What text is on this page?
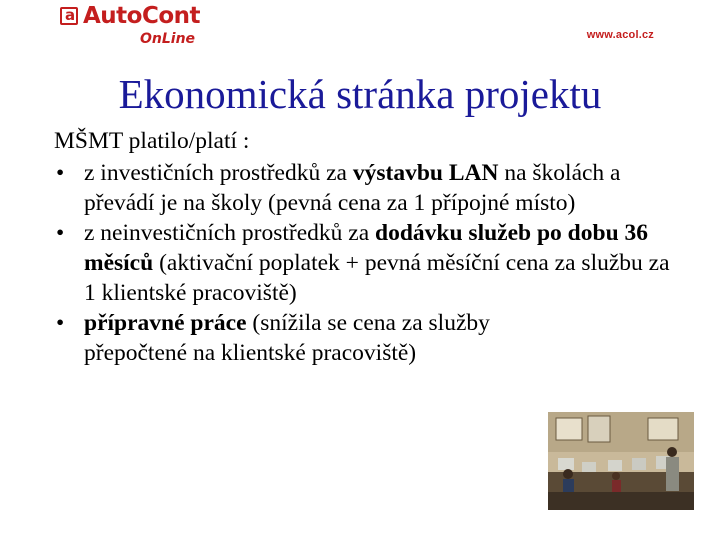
a
AutoCont
OnLine	www.acol.cz
Ekonomická stránka projektu

MŠMT platilo/platí :

• z investičních prostředků za výstavbu LAN na školách a převádí je na školy (pevná cena za 1 přípojné místo)
• z neinvestičních prostředků za dodávku služeb po dobu 36 měsíců (aktivační poplatek + pevná měsíční cena za službu za 1 klientské pracoviště)
• přípravné práce (snížila se cena za služby přepočtené na klientské pracoviště)
